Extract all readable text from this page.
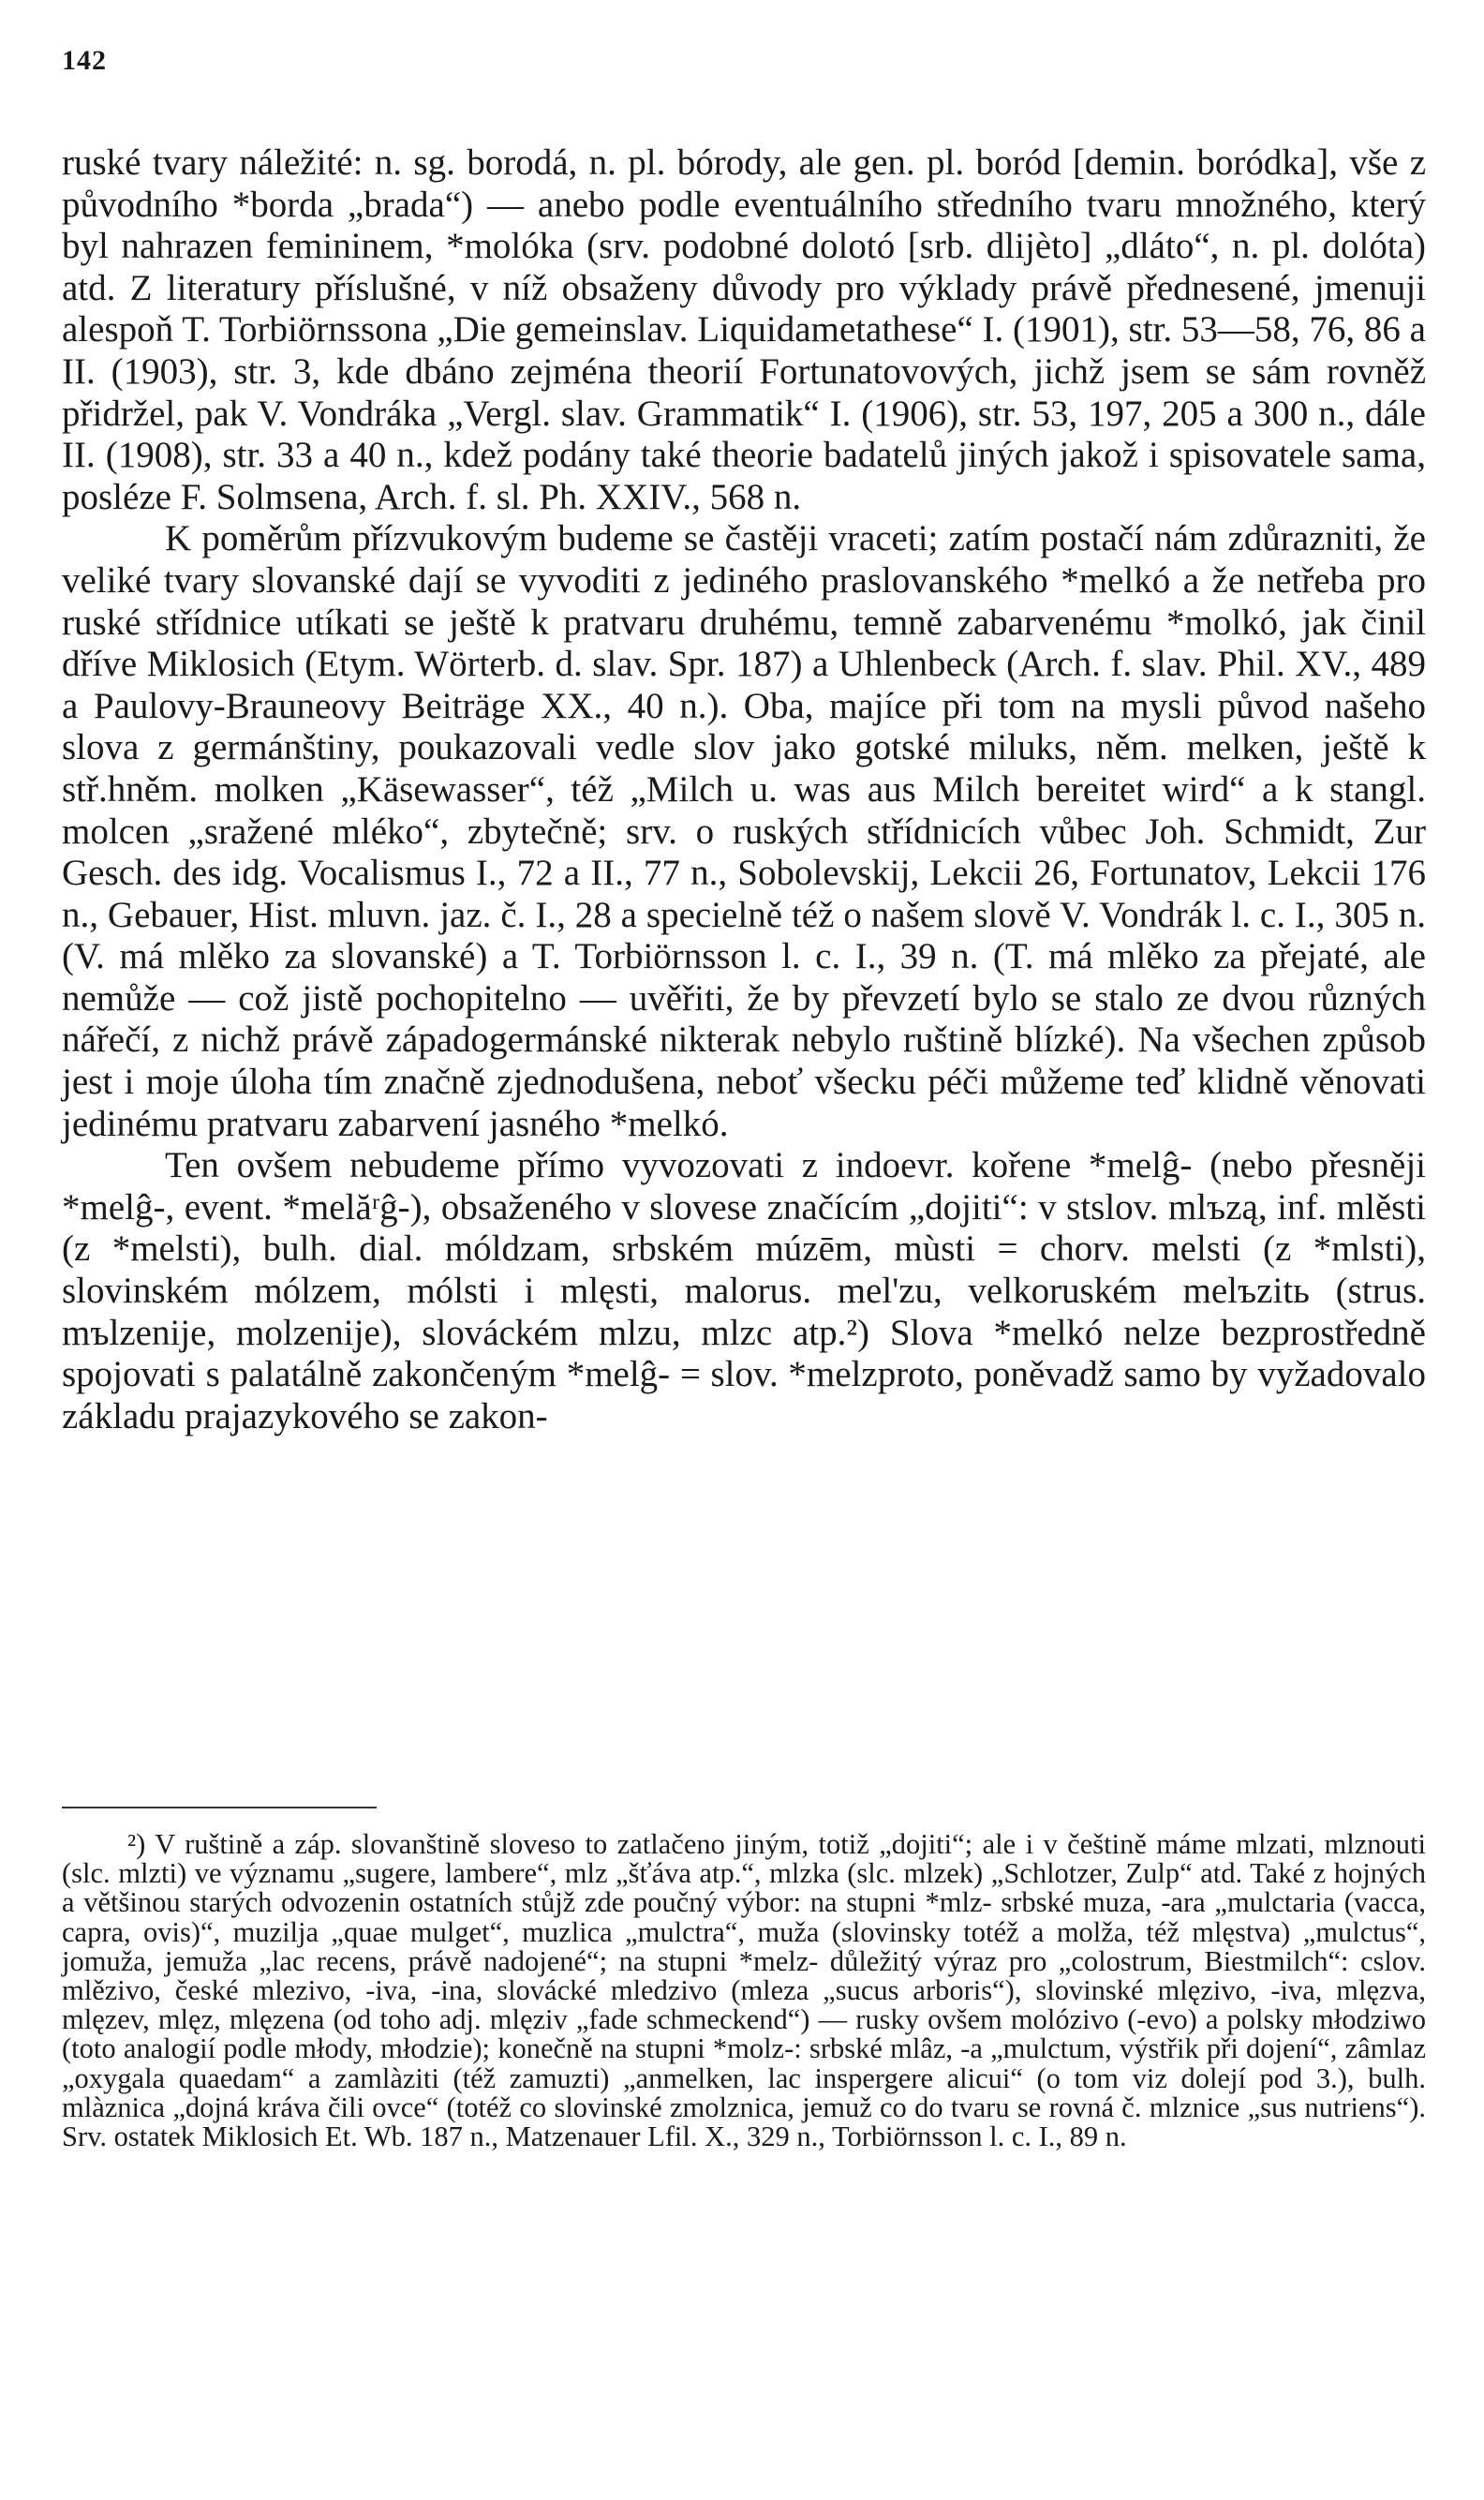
142

ruské tvary náležité: n. sg. borodá, n. pl. bórody, ale gen. pl. boród [demin. boródka], vše z původního *borda „brada“) — anebo podle eventuálního středního tvaru množného, který byl nahrazen femininem, *molóka (srv. podobné dolotó [srb. dlijèto] „dláto“, n. pl. dolóta) atd. Z literatury příslušné, v níž obsaženy důvody pro výklady právě přednesené, jmenuji alespoň T. Torbiörnssona „Die gemeinslav. Liquidametathese“ I. (1901), str. 53—58, 76, 86 a II. (1903), str. 3, kde dbáno zejména theorií Fortunatovových, jichž jsem se sám rovněž přidržel, pak V. Vondráka „Vergl. slav. Grammatik“ I. (1906), str. 53, 197, 205 a 300 n., dále II. (1908), str. 33 a 40 n., kdež podány také theorie badatelů jiných jakož i spisovatele sama, posléze F. Solmsena, Arch. f. sl. Ph. XXIV., 568 n.

K poměrům přízvukovým budeme se častěji vraceti; zatím postačí nám zdůrazniti, že veliké tvary slovanské dají se vyvoditi z jediného praslovanského *melkó a že netřeba pro ruské střídnice utíkati se ještě k pratvaru druhému, temně zabarvenému *molkó, jak činil dříve Miklosich (Etym. Wörterb. d. slav. Spr. 187) a Uhlenbeck (Arch. f. slav. Phil. XV., 489 a Paulovy-Brauneovy Beiträge XX., 40 n.). Oba, majíce při tom na mysli původ našeho slova z germánštiny, poukazovali vedle slov jako gotské miluks, něm. melken, ještě k stř.hněm. molken „Käsewasser“, též „Milch u. was aus Milch bereitet wird“ a k stangl. molcen „sražené mléko“, zbytečně; srv. o ruských střídnicích vůbec Joh. Schmidt, Zur Gesch. des idg. Vocalismus I., 72 a II., 77 n., Sobolevskij, Lekcii 26, Fortunatov, Lekcii 176 n., Gebauer, Hist. mluvn. jaz. č. I., 28 a specielně též o našem slově V. Vondrák l. c. I., 305 n. (V. má mlěko za slovanské) a T. Torbiörnsson l. c. I., 39 n. (T. má mlěko za přejaté, ale nemůže — což jistě pochopitelno — uvěřiti, že by převzetí bylo se stalo ze dvou různých nářečí, z nichž právě západogermánské nikterak nebylo ruštině blízké). Na všechen způsob jest i moje úloha tím značně zjednodušena, neboť všecku péči můžeme teď klidně věnovati jedinému pratvaru zabarvení jasného *melkó.

Ten ovšem nebudeme přímo vyvozovati z indoevr. kořene *melĝ- (nebo přesněji *melĝ-, event. *melăʳĝ-), obsaženého v slovese značícím „dojiti“: v stslov. mlъzą, inf. mlěsti (z *melsti), bulh. dial. móldzam, srbském múzēm, mùsti = chorv. melsti (z *mlsti), slovinském mólzem, mólsti i mlęsti, malorus. mel'zu, velkoruském melъzitь (strus. mъlzenije, molzenije), slováckém mlzu, mlzc atp.²) Slova *melkó nelze bezprostředně spojovati s palatálně zakončeným *melĝ- = slov. *melzproto, poněvadž samo by vyžadovalo základu prajazykového se zakon-

²) V ruštině a záp. slovanštině sloveso to zatlačeno jiným, totiž „dojiti“; ale i v češtině máme mlzati, mlznouti (slc. mlzti) ve významu „sugere, lambere“, mlz „šťáva atp.“, mlzka (slc. mlzek) „Schlotzer, Zulp“ atd. Také z hojných a většinou starých odvozenin ostatních stůjž zde poučný výbor: na stupni *mlz- srbské muza, -ara „mulctaria (vacca, capra, ovis)“, muzilja „quae mulget“, muzlica „mulctra“, muža (slovinsky totéž a molža, též mlęstva) „mulctus“, jomuža, jemuža „lac recens, právě nadojené“; na stupni *melz- důležitý výraz pro „colostrum, Biestmilch“: cslov. mlězivo, české mlezivo, -iva, -ina, slovácké mledzivo (mleza „sucus arboris“), slovinské mlęzivo, -iva, mlęzva, mlęzev, mlęz, mlęzena (od toho adj. mlęziv „fade schmeckend“) — rusky ovšem molózivo (-evo) a polsky młodziwo (toto analogií podle młody, młodzie); konečně na stupni *molz-: srbské mlâz, -a „mulctum, výstřik při dojení“, zâmlaz „oxygala quaedam“ a zamlàziti (též zamuzti) „anmelken, lac inspergere alicui“ (o tom viz dolejí pod 3.), bulh. mlàznica „dojná kráva čili ovce“ (totéž co slovinské zmolznica, jemuž co do tvaru se rovná č. mlznice „sus nutriens“). Srv. ostatek Miklosich Et. Wb. 187 n., Matzenauer Lfil. X., 329 n., Torbiörnsson l. c. I., 89 n.
